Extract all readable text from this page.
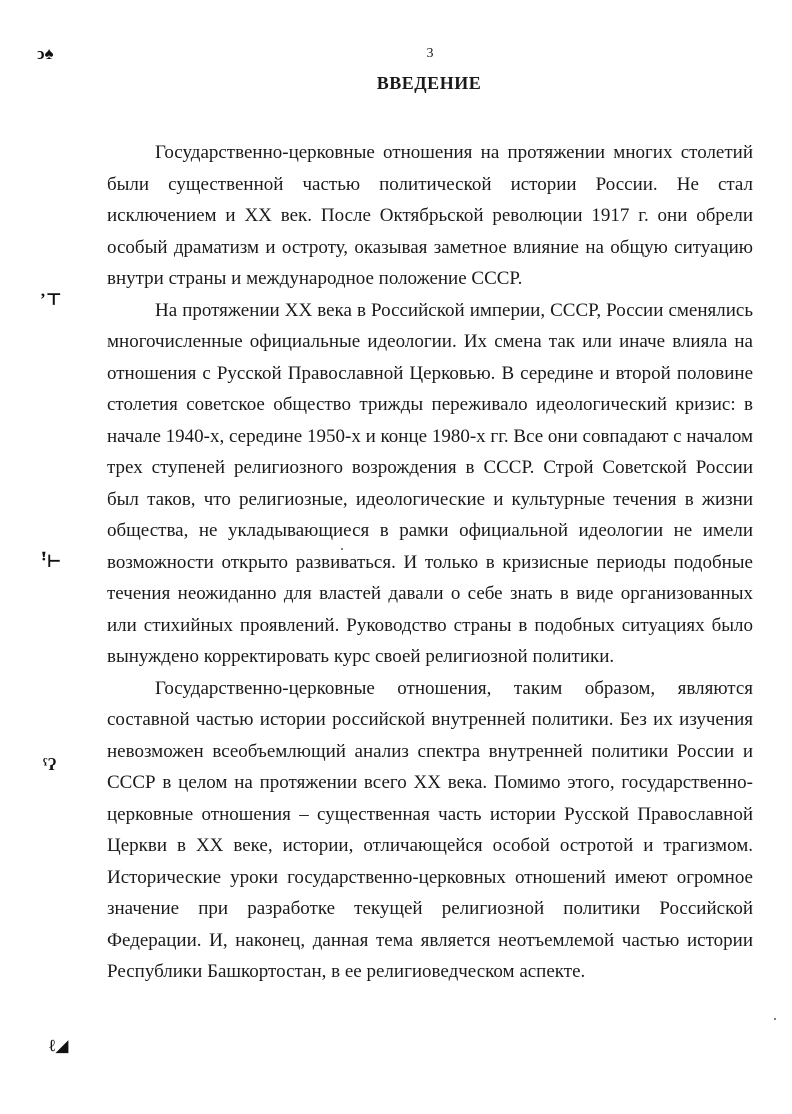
ↄ♠
ʼ⊤
ꜝ⊢
ˤɁ
ℓ◢
3
ВВЕДЕНИЕ

Государственно-церковные отношения на протяжении многих столетий были существенной частью политической истории России. Не стал исключением и XX век. После Октябрьской революции 1917 г. они обрели особый драматизм и остроту, оказывая заметное влияние на общую ситуацию внутри страны и международное положение СССР.

На протяжении XX века в Российской империи, СССР, России сменялись многочисленные официальные идеологии. Их смена так или иначе влияла на отношения с Русской Православной Церковью. В середине и второй половине столетия советское общество трижды переживало идеологический кризис: в начале 1940-х, середине 1950-х и конце 1980-х гг. Все они совпадают с началом трех ступеней религиозного возрождения в СССР. Строй Советской России был таков, что религиозные, идеологические и культурные течения в жизни общества, не укладывающиеся в рамки официальной идеологии не имели возможности открыто развиваться. И только в кризисные периоды подобные течения неожиданно для властей давали о себе знать в виде организованных или стихийных проявлений. Руководство страны в подобных ситуациях было вынуждено корректировать курс своей религиозной политики.

Государственно-церковные отношения, таким образом, являются составной частью истории российской внутренней политики. Без их изучения невозможен всеобъемлющий анализ спектра внутренней политики России и СССР в целом на протяжении всего XX века. Помимо этого, государственно-церковные отношения – существенная часть истории Русской Православной Церкви в XX веке, истории, отличающейся особой остротой и трагизмом. Исторические уроки государственно-церковных отношений имеют огромное значение при разработке текущей религиозной политики Российской Федерации. И, наконец, данная тема является неотъемлемой частью истории Республики Башкортостан, в ее религиоведческом аспекте.
